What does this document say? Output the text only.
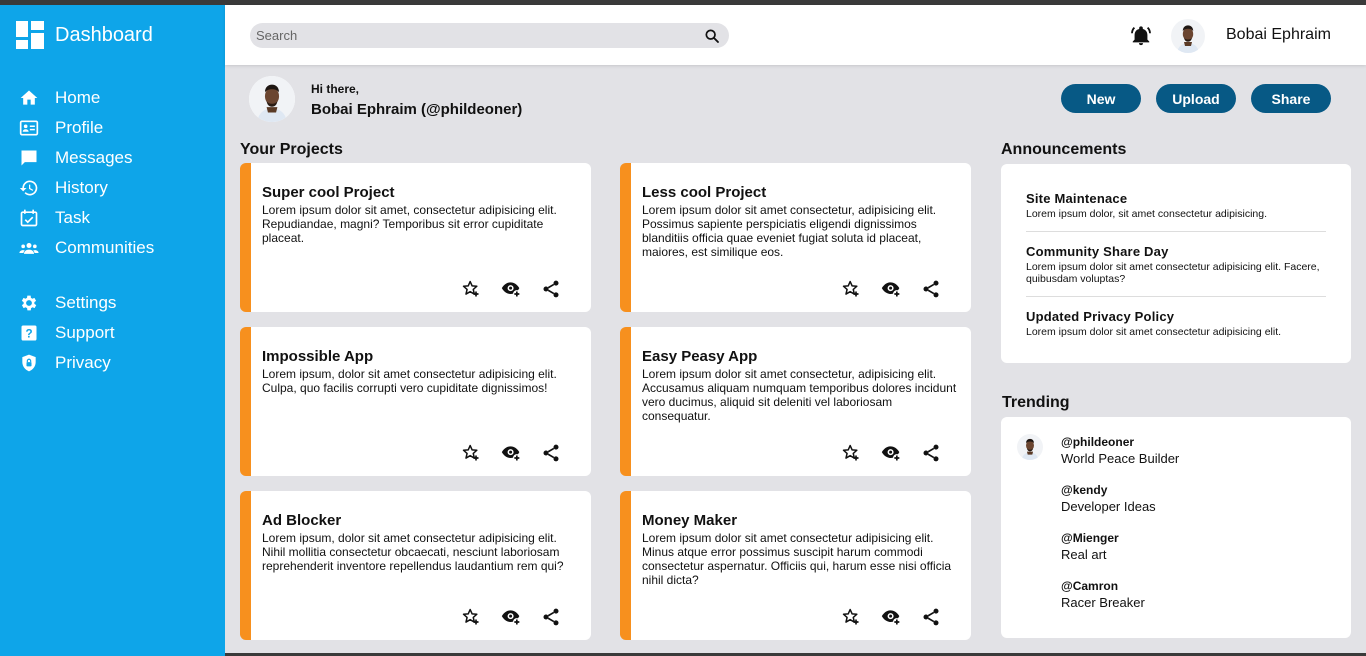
Dashboard
Home
Profile
Messages
History
Task
Communities
Settings
? Support
Privacy
Search
Bobai Ephraim
Hi there,
Bobai Ephraim (@phildeoner)
New	Upload	Share
Your Projects
Super cool Project
Lorem ipsum dolor sit amet, consectetur adipisicing elit. Repudiandae, magni? Temporibus sit error cupiditate placeat.
Less cool Project
Lorem ipsum dolor sit amet consectetur, adipisicing elit. Possimus sapiente perspiciatis eligendi dignissimos blanditiis officia quae eveniet fugiat soluta id placeat, maiores, est similique eos.
Impossible App
Lorem ipsum, dolor sit amet consectetur adipisicing elit. Culpa, quo facilis corrupti vero cupiditate dignissimos!
Easy Peasy App
Lorem ipsum dolor sit amet consectetur, adipisicing elit. Accusamus aliquam numquam temporibus dolores incidunt vero ducimus, aliquid sit deleniti vel laboriosam consequatur.
Ad Blocker
Lorem ipsum, dolor sit amet consectetur adipisicing elit. Nihil mollitia consectetur obcaecati, nesciunt laboriosam reprehenderit inventore repellendus laudantium rem qui?
Money Maker
Lorem ipsum dolor sit amet consectetur adipisicing elit. Minus atque error possimus suscipit harum commodi consectetur aspernatur. Officiis qui, harum esse nisi officia nihil dicta?
Announcements
Site Maintenace
Lorem ipsum dolor, sit amet consectetur adipisicing.
Community Share Day
Lorem ipsum dolor sit amet consectetur adipisicing elit. Facere, quibusdam voluptas?
Updated Privacy Policy
Lorem ipsum dolor sit amet consectetur adipisicing elit.
Trending
@phildeoner
World Peace Builder
@kendy
Developer Ideas
@Mienger
Real art
@Camron
Racer Breaker
